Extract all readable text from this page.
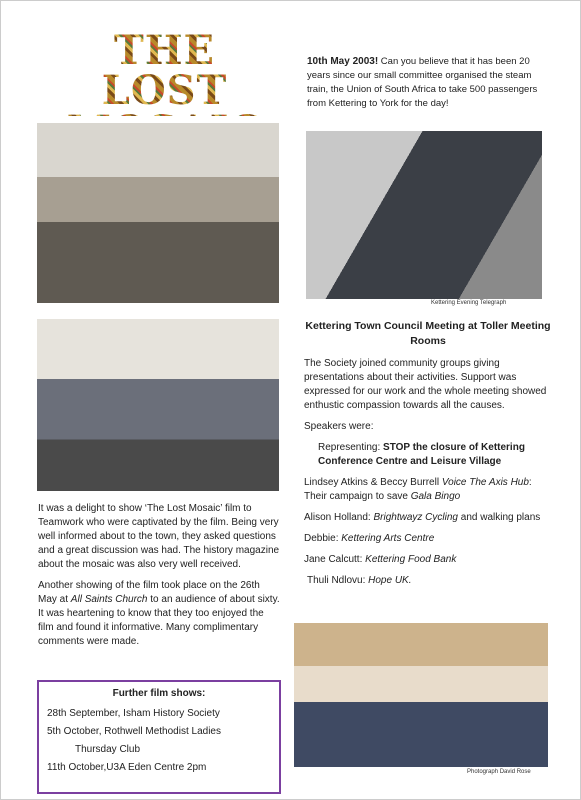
THE LOST
10th May 2003! Can you believe that it has been 20 years since our small committee organised the steam train, the Union of South Africa to take 500 passengers from Kettering to York for the day!
Kettering Evening Telegraph
Kettering Town Council Meeting at Toller Meeting Rooms
The Society joined community groups giving presentations about their activities. Support was expressed for our work and the whole meeting showed enthustic compassion towards all the causes.
Speakers were:
Representing: STOP the closure of Kettering Conference Centre and Leisure Village
Lindsey Atkins & Beccy Burrell Voice The Axis Hub: Their campaign to save Gala Bingo
Alison Holland: Brightwayz Cycling and walking plans
Debbie: Kettering Arts Centre
Jane Calcutt: Kettering Food Bank
Thuli Ndlovu: Hope UK.
It was a delight to show ‘The Lost Mosaic’ film to Teamwork who were captivated by the film. Being very well informed about to the town, they asked questions and a great discussion was had. The history magazine about the mosaic was also very well received.
Another showing of the film took place on the 26th May at All Saints Church to an audience of about sixty. It was heartening to know that they too enjoyed the film and found it informative. Many complimentary comments were made.
Further film shows:
28th September, Isham History Society
5th October, Rothwell Methodist Ladies
Thursday Club
11th October,U3A Eden Centre 2pm	Photograph David Rose
